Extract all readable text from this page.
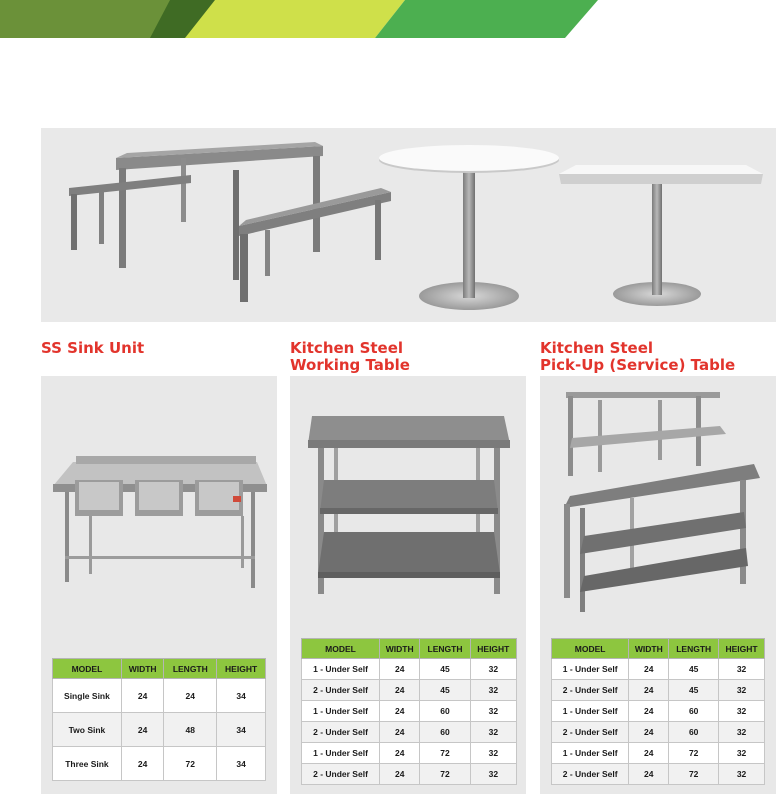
SS Sink Unit	Kitchen Steel
Working Table
Kitchen Steel
Pick-Up (Service) Table
MODEL	WIDTH	LENGTH	HEIGHT
Single Sink	24	24	34
Two Sink	24	48	34
Three Sink	24	72	34
MODEL	WIDTH	LENGTH	HEIGHT
1 - Under Self	24	45	32
2 - Under Self	24	45	32
1 - Under Self	24	60	32
2 - Under Self	24	60	32
1 - Under Self	24	72	32
2 - Under Self	24	72	32
MODEL	WIDTH	LENGTH	HEIGHT
1 - Under Self	24	45	32
2 - Under Self	24	45	32
1 - Under Self	24	60	32
2 - Under Self	24	60	32
1 - Under Self	24	72	32
2 - Under Self	24	72	32
